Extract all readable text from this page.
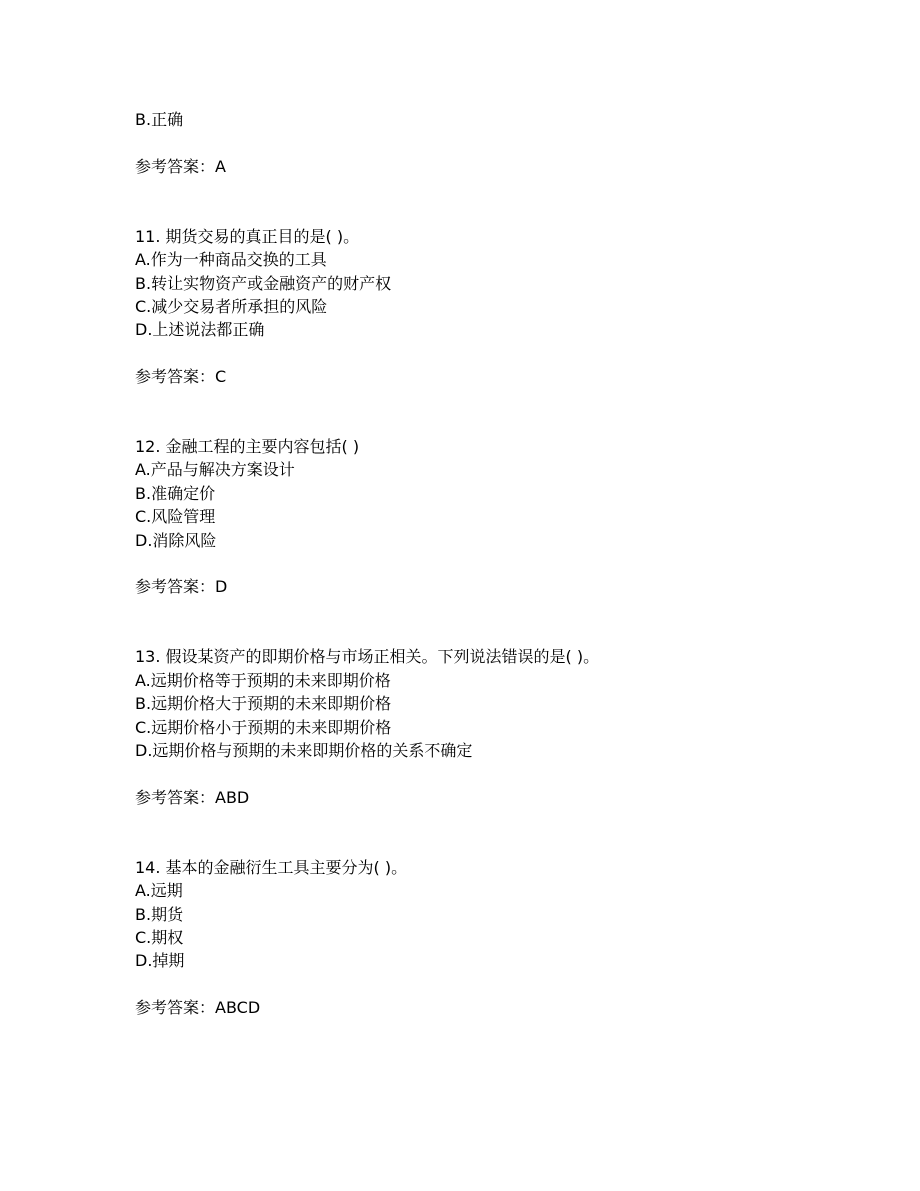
B.正确
参考答案：A
11. 期货交易的真正目的是( )。
A.作为一种商品交换的工具
B.转让实物资产或金融资产的财产权
C.减少交易者所承担的风险
D.上述说法都正确
参考答案：C
12. 金融工程的主要内容包括( )
A.产品与解决方案设计
B.准确定价
C.风险管理
D.消除风险
参考答案：D
13. 假设某资产的即期价格与市场正相关。下列说法错误的是( )。
A.远期价格等于预期的未来即期价格
B.远期价格大于预期的未来即期价格
C.远期价格小于预期的未来即期价格
D.远期价格与预期的未来即期价格的关系不确定
参考答案：ABD
14. 基本的金融衍生工具主要分为( )。
A.远期
B.期货
C.期权
D.掉期
参考答案：ABCD
